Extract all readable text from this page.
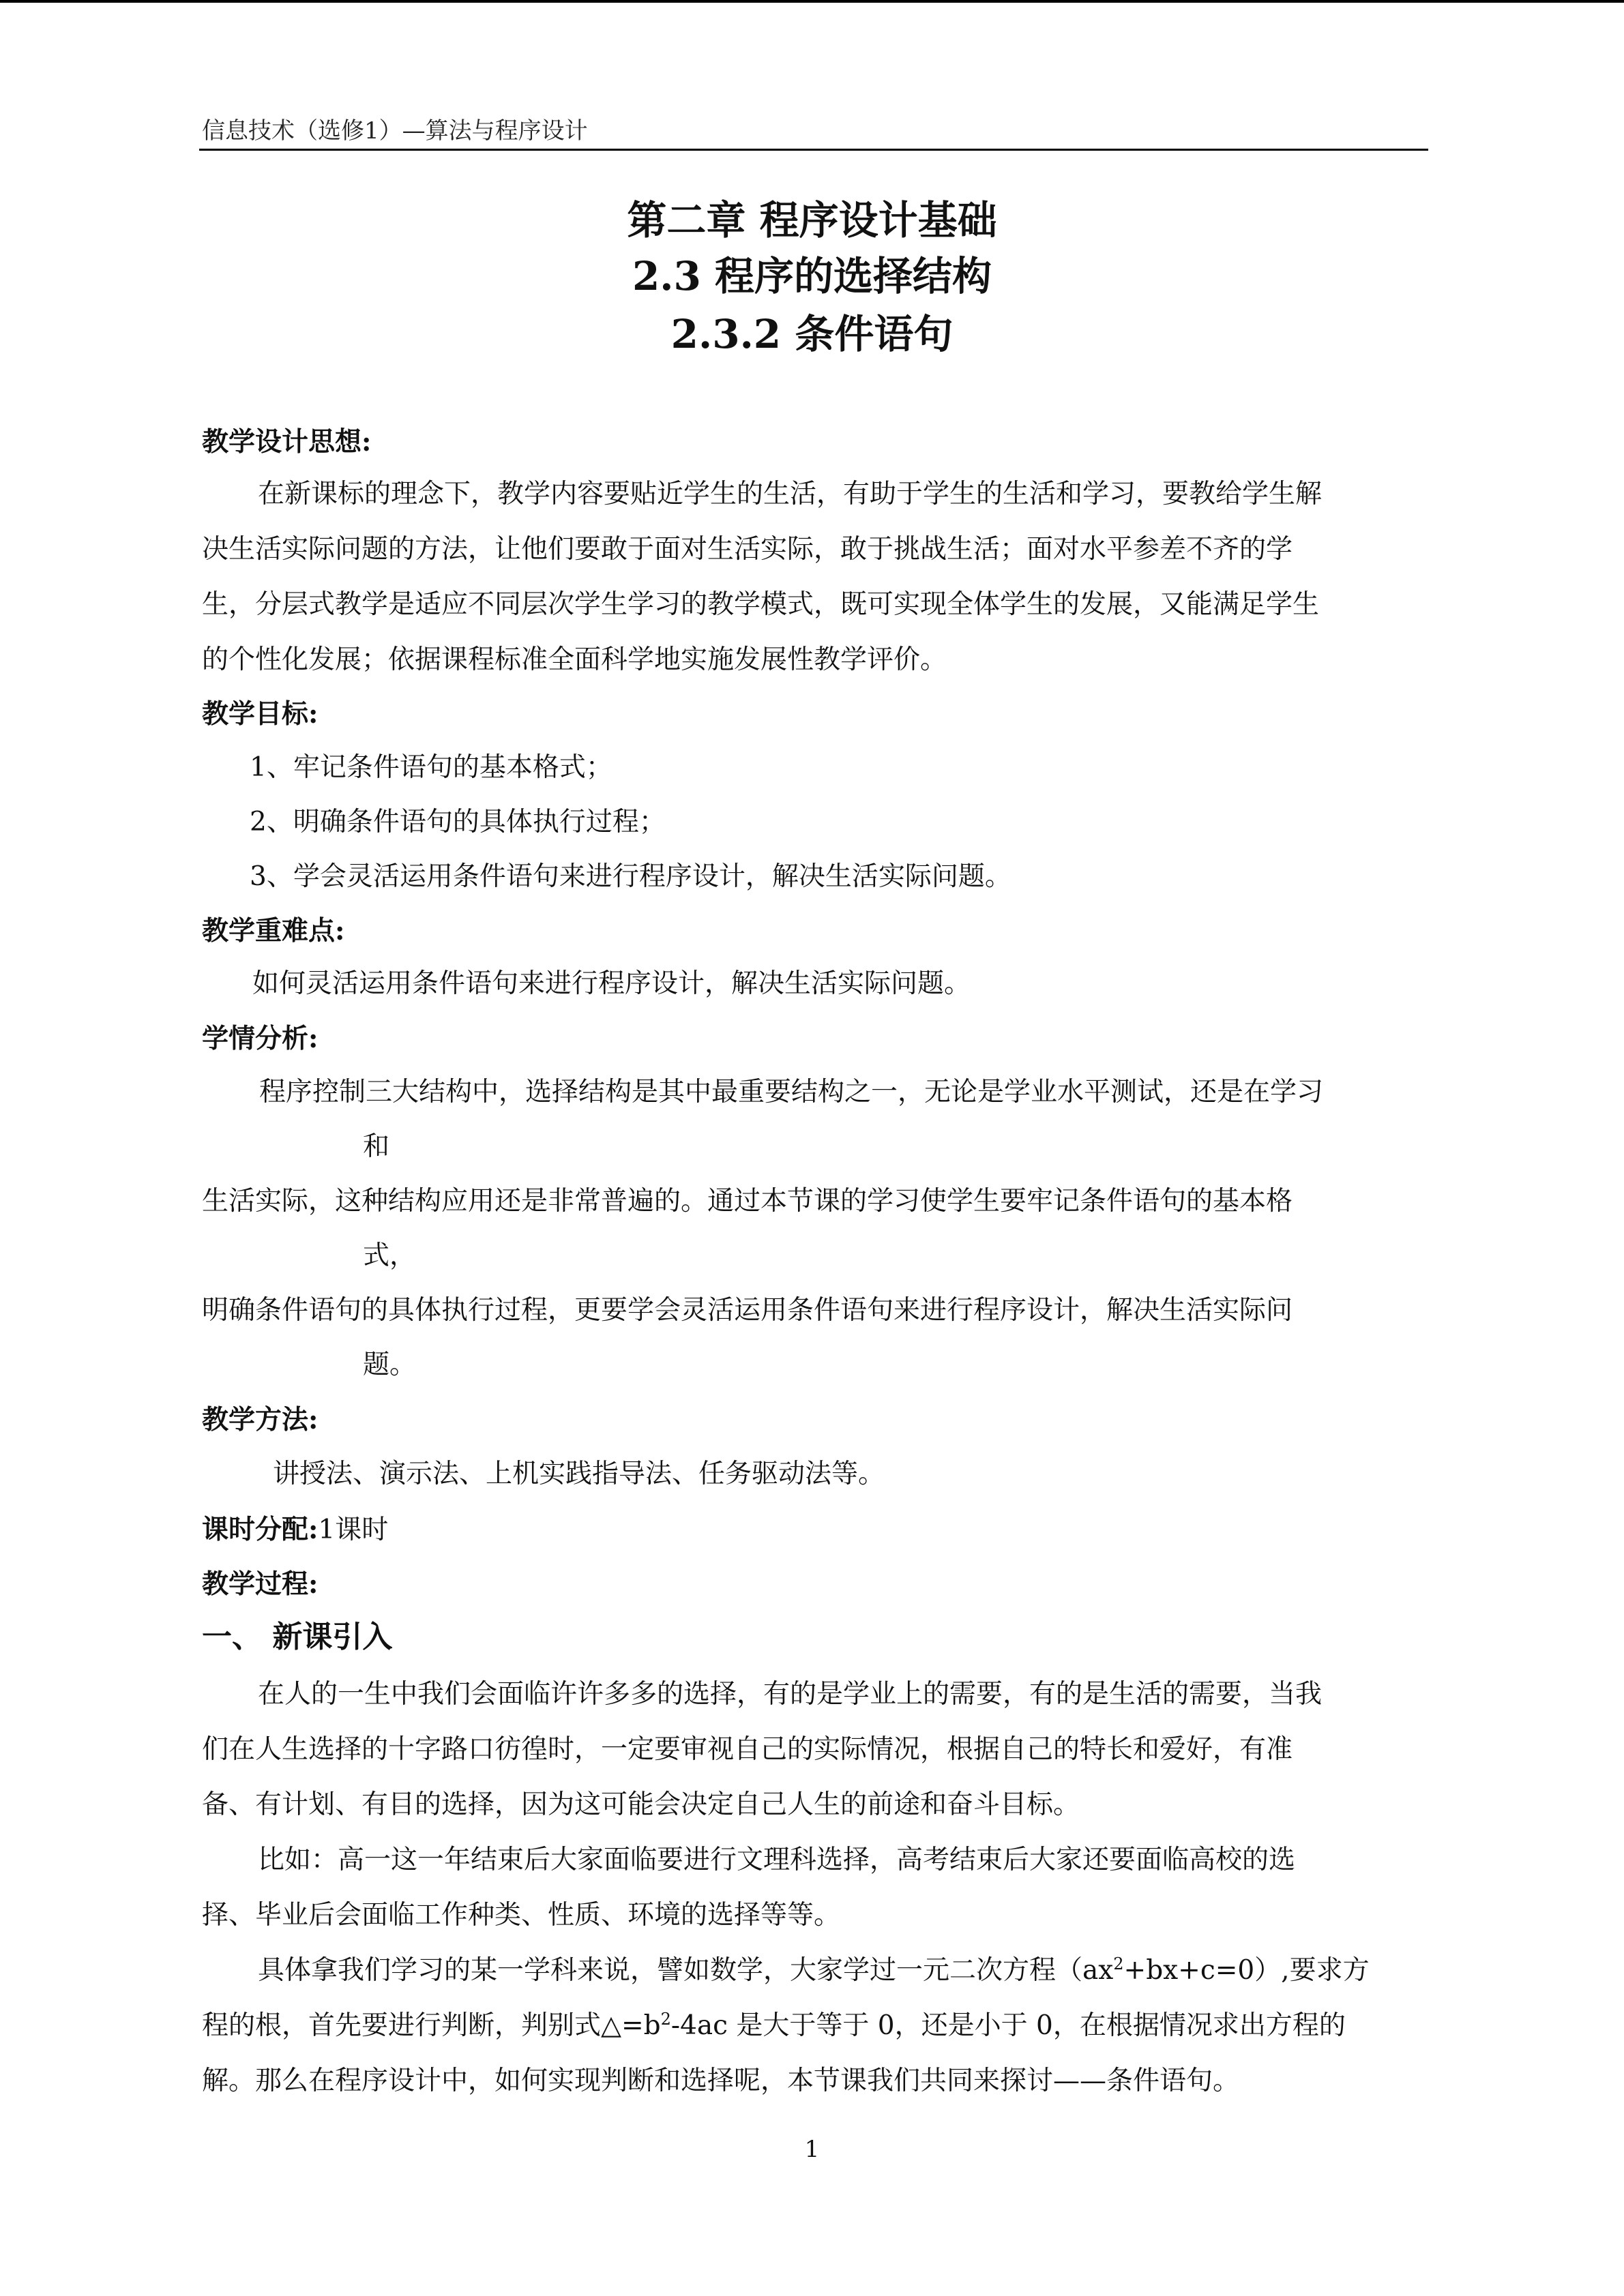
信息技术（选修1）—算法与程序设计
第二章 程序设计基础
2.3 程序的选择结构
2.3.2 条件语句
教学设计思想:
在新课标的理念下，教学内容要贴近学生的生活，有助于学生的生活和学习，要教给学生解
决生活实际问题的方法，让他们要敢于面对生活实际，敢于挑战生活；面对水平参差不齐的学
生，分层式教学是适应不同层次学生学习的教学模式，既可实现全体学生的发展，又能满足学生
的个性化发展；依据课程标准全面科学地实施发展性教学评价。
教学目标:
1、牢记条件语句的基本格式；
2、明确条件语句的具体执行过程；
3、学会灵活运用条件语句来进行程序设计，解决生活实际问题。
教学重难点:
如何灵活运用条件语句来进行程序设计，解决生活实际问题。
学情分析:
程序控制三大结构中，选择结构是其中最重要结构之一，无论是学业水平测试，还是在学习
和
生活实际，这种结构应用还是非常普遍的。通过本节课的学习使学生要牢记条件语句的基本格
式，
明确条件语句的具体执行过程，更要学会灵活运用条件语句来进行程序设计，解决生活实际问
题。
教学方法:
讲授法、演示法、上机实践指导法、任务驱动法等。
课时分配:1课时
教学过程:
一、 新课引入
在人的一生中我们会面临许许多多的选择，有的是学业上的需要，有的是生活的需要，当我
们在人生选择的十字路口彷徨时，一定要审视自己的实际情况，根据自己的特长和爱好，有准
备、有计划、有目的选择，因为这可能会决定自己人生的前途和奋斗目标。
比如：高一这一年结束后大家面临要进行文理科选择，高考结束后大家还要面临高校的选
择、毕业后会面临工作种类、性质、环境的选择等等。
具体拿我们学习的某一学科来说，譬如数学，大家学过一元二次方程$(ax^2+bx+c=0)$,要求方
程的根，首先要进行判断，判别式$\triangle=b^2-4ac$ 是大于等于 0，还是小于 0，在根据情况求出方程的
解。那么在程序设计中，如何实现判断和选择呢，本节课我们共同来探讨——条件语句。
1
